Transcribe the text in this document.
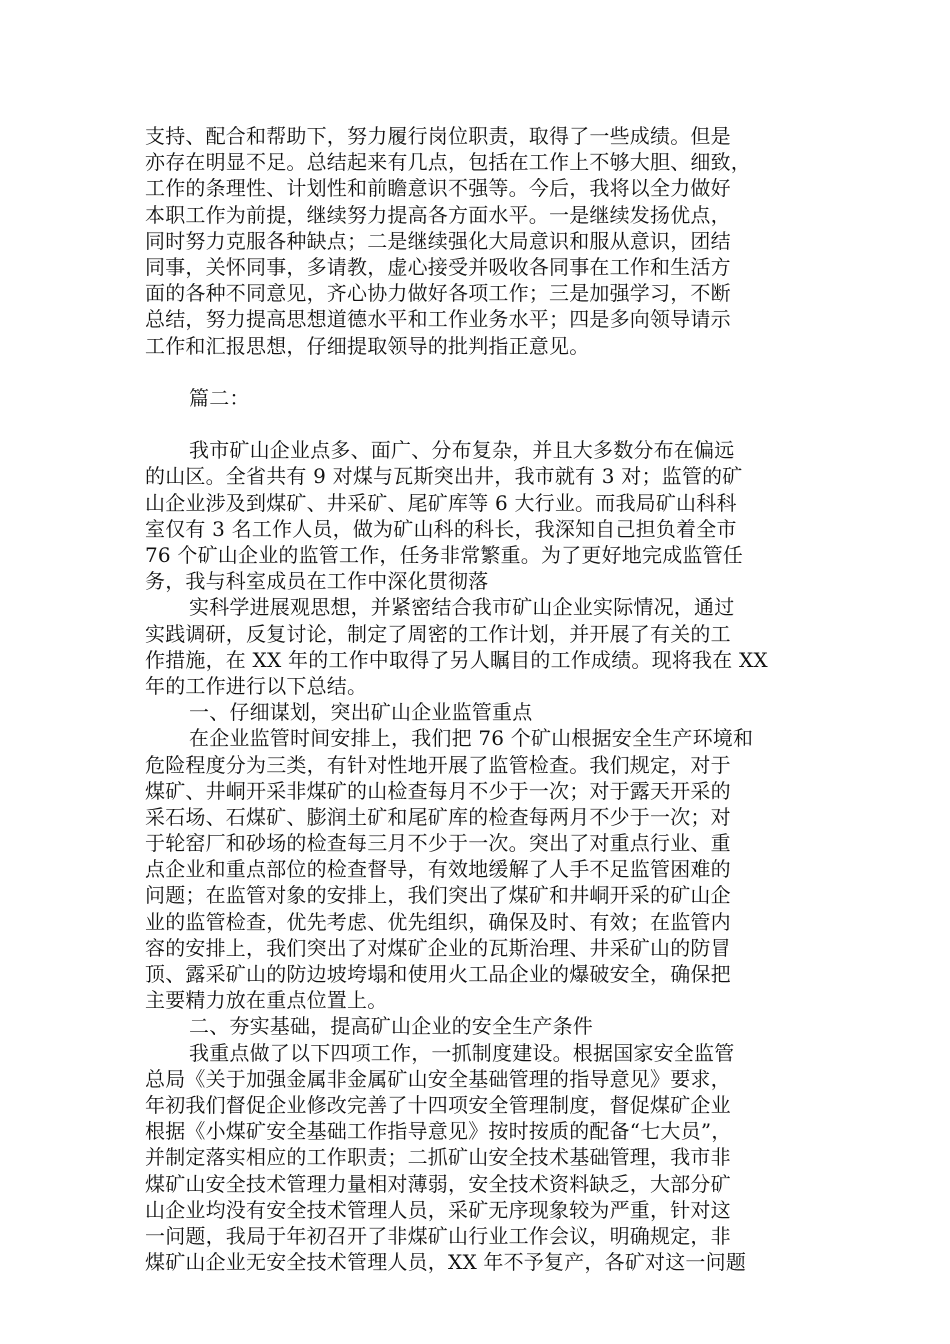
支持、配合和帮助下，努力履行岗位职责，取得了一些成绩。但是
亦存在明显不足。总结起来有几点，包括在工作上不够大胆、细致，
工作的条理性、计划性和前瞻意识不强等。今后，我将以全力做好
本职工作为前提，继续努力提高各方面水平。一是继续发扬优点，
同时努力克服各种缺点；二是继续强化大局意识和服从意识，团结
同事，关怀同事，多请教，虚心接受并吸收各同事在工作和生活方
面的各种不同意见，齐心协力做好各项工作；三是加强学习，不断
总结，努力提高思想道德水平和工作业务水平；四是多向领导请示
工作和汇报思想，仔细提取领导的批判指正意见。
篇二：
我市矿山企业点多、面广、分布复杂，并且大多数分布在偏远
的山区。全省共有 9 对煤与瓦斯突出井，我市就有 3 对；监管的矿
山企业涉及到煤矿、井采矿、尾矿库等 6 大行业。而我局矿山科科
室仅有 3 名工作人员，做为矿山科的科长，我深知自己担负着全市
76 个矿山企业的监管工作，任务非常繁重。为了更好地完成监管任
务，我与科室成员在工作中深化贯彻落
实科学进展观思想，并紧密结合我市矿山企业实际情况，通过
实践调研，反复讨论，制定了周密的工作计划，并开展了有关的工
作措施，在 XX 年的工作中取得了另人瞩目的工作成绩。现将我在 XX
年的工作进行以下总结。
一、仔细谋划，突出矿山企业监管重点
在企业监管时间安排上，我们把 76 个矿山根据安全生产环境和
危险程度分为三类，有针对性地开展了监管检查。我们规定，对于
煤矿、井峒开采非煤矿的山检查每月不少于一次；对于露天开采的
采石场、石煤矿、膨润土矿和尾矿库的检查每两月不少于一次；对
于轮窑厂和砂场的检查每三月不少于一次。突出了对重点行业、重
点企业和重点部位的检查督导，有效地缓解了人手不足监管困难的
问题；在监管对象的安排上，我们突出了煤矿和井峒开采的矿山企
业的监管检查，优先考虑、优先组织，确保及时、有效；在监管内
容的安排上，我们突出了对煤矿企业的瓦斯治理、井采矿山的防冒
顶、露采矿山的防边坡垮塌和使用火工品企业的爆破安全，确保把
主要精力放在重点位置上。
二、夯实基础，提高矿山企业的安全生产条件
我重点做了以下四项工作，一抓制度建设。根据国家安全监管
总局《关于加强金属非金属矿山安全基础管理的指导意见》要求，
年初我们督促企业修改完善了十四项安全管理制度，督促煤矿企业
根据《小煤矿安全基础工作指导意见》按时按质的配备“七大员”，
并制定落实相应的工作职责；二抓矿山安全技术基础管理，我市非
煤矿山安全技术管理力量相对薄弱，安全技术资料缺乏，大部分矿
山企业均没有安全技术管理人员，采矿无序现象较为严重，针对这
一问题，我局于年初召开了非煤矿山行业工作会议，明确规定，非
煤矿山企业无安全技术管理人员，XX 年不予复产，各矿对这一问题
